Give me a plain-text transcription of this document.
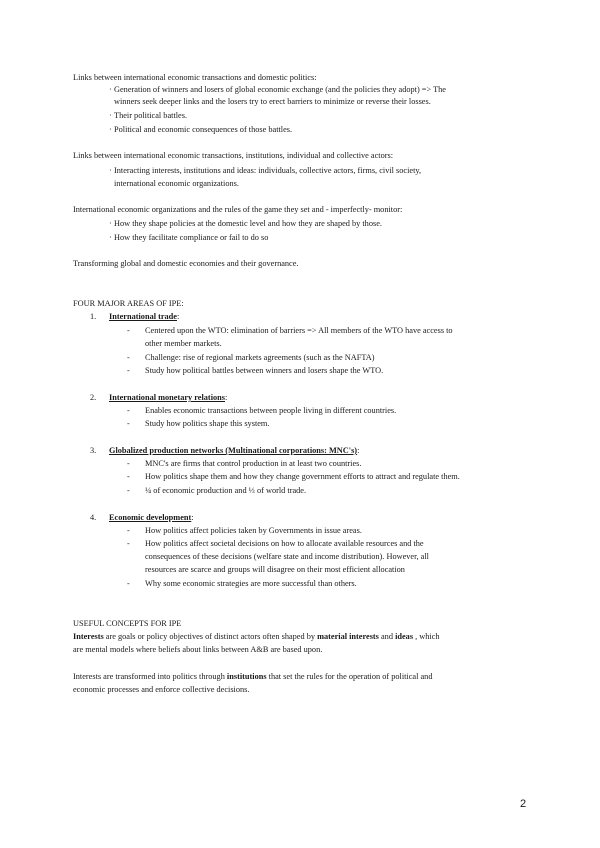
Links between international economic transactions and domestic politics:
· Generation of winners and losers of global economic exchange (and the policies they adopt) => The
winners seek deeper links and the losers try to erect barriers to minimize or reverse their losses.
· Their political battles.
· Political and economic consequences of those battles.
Links between international economic transactions, institutions, individual and collective actors:
· Interacting interests, institutions and ideas: individuals, collective actors, firms, civil society,
international economic organizations.
International economic organizations and the rules of the game they set and - imperfectly- monitor:
· How they shape policies at the domestic level and how they are shaped by those.
· How they facilitate compliance or fail to do so
Transforming global and domestic economies and their governance.
FOUR MAJOR AREAS OF IPE:
1. International trade:
- Centered upon the WTO: elimination of barriers => All members of the WTO have access to
other member markets.
- Challenge: rise of regional markets agreements (such as the NAFTA)
- Study how political battles between winners and losers shape the WTO.
2. International monetary relations:
- Enables economic transactions between people living in different countries.
- Study how politics shape this system.
3. Globalized production networks (Multinational corporations: MNC's):
- MNC's are firms that control production in at least two countries.
- How politics shape them and how they change government efforts to attract and regulate them.
- ¼ of economic production and ⅓ of world trade.
4. Economic development:
- How politics affect policies taken by Governments in issue areas.
- How politics affect societal decisions on how to allocate available resources and the
consequences of these decisions (welfare state and income distribution). However, all
resources are scarce and groups will disagree on their most efficient allocation
- Why some economic strategies are more successful than others.
USEFUL CONCEPTS FOR IPE
Interests are goals or policy objectives of distinct actors often shaped by material interests and ideas , which
are mental models where beliefs about links between A&B are based upon.
Interests are transformed into politics through institutions that set the rules for the operation of political and
economic processes and enforce collective decisions.
2
